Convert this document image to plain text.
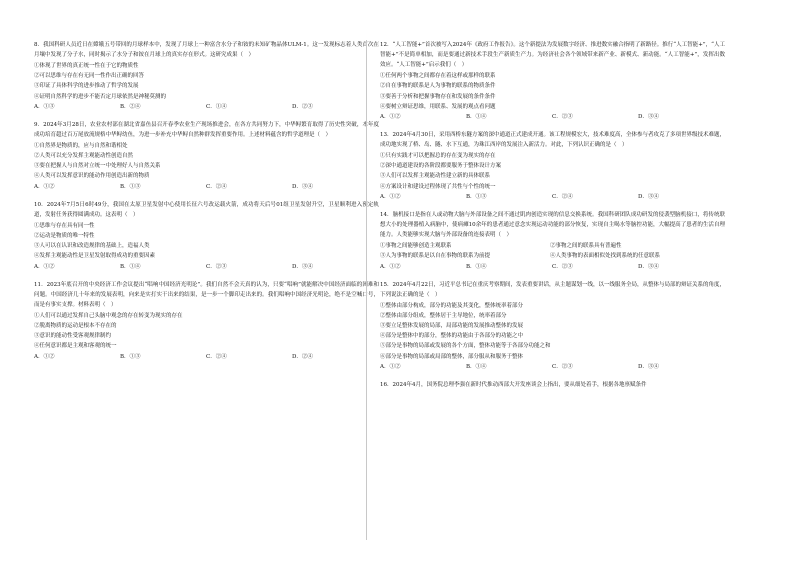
8．我国科研人员近日在嫦娥五号带回的月球样本中，发现了月球上一种富含水分子和铵的未知矿物晶体ULM-1。这一发现标志着人类首次在月壤中发现了分子水，同时揭示了水分子和铵在月球上的真实存在形式。这研究成果（　）
①体现了世界的真正统一性在于它的物质性
②可以思维与存在有无同一性作出正确的回答
③印证了具体科学的进步推动了哲学的发展
④证明自然科学的进步不能否定月球依然是神秘莫测的
A．①③	B．②④	C．①④	D．②③
9．2024年3月28日，农业农村部在湖北省嘉鱼县召开春季农业生产现场推进会，在各方共同努力下，中华鲟繁育取得了历史性突破，本年度成功培育超过百万尾放流规格中华鲟幼鱼，为进一步补充中华鲟自然种群发挥重要作用。上述材料蕴含的哲学道理是（　）
①自然界是物质的，应与自然和谐相处
②人类可以充分发挥主观能动性创造自然
③要在把握人与自然对立统一中处理好人与自然关系
④人类可以发挥意识的能动作用创造出新的物质
A．①②	B．①③	C．②④	D．③④
10．2024年7月5日6时49分，我国在太原卫星发射中心使用长征六号改运载火箭，成功将天后号01组卫星发射升空，卫星顺利进入预定轨道，发射任务获得圆满成功。这表明（　）
①思维与存在具有同一性
②运动是物质的唯一特性
③人可以在认识和改造规律的基础上，造福人类
④发挥主观能动性是卫星发射取得成功的重要因素
A．①②	B．①④	C．②③	D．③④
11．2023年底召开的中央经济工作会议提出“唱响中国经济光明论”。我们自然不会天真的认为，只要“唱响”就能解决中国经济面临的困难和问题。中国经济几十年来的发展表明，向来是实打实干出来的结果，是一步一个脚印走出来的。我们唱响中国经济光明论，绝不是空喊口号，而是有事实支撑。材料表明（　）
①人们可以通过发挥自己头脑中观念的存在转变为现实的存在
②脱离物质的运动是根本不存在的
③意识的能动性受客观规律制约
④任何意识都是主观和客观的统一
A．①②	B．①③	C．②④	D．②④
12．“人工智能+”首次被写入2024年《政府工作报告》。这个新提法为发展数字经济、推进数实融合指明了新路径。推行“人工智能+”，“人工智能+”不是简单相加，而是要通过新技术手段生产新质生产力。为经济社会各个领域带来新产业、新模式、新动能。“人工智能+”，发挥出数效应。“人工智能+”启示我们（　）
①任何两个事物之间都存在着这样或那样的联系
②自在事物的联系是人为事物的联系的物质条件
③要善于分析和把握事物存在和发展的条件条件
④要树立辩证思维，用联系、发展的观点看问题
A．①②	B．①④	C．②③	D．③④
13．2024年4月30日，采用西桥东隧方案的深中通道正式建成开通。该工程规模宏大，技术难度高，全体参与者攻克了多项世界级技术难题，成功地实现了桥、岛、隧、水下互通，为珠江西岸的发展注入新活力。对此，下列认识正确的是（　）
①只有实践才可以把握总的存在变为现实的存在
②深中通道建设的各阶段都要服务于整体设计方案
③人们可以发挥主观能动性建立新的具体联系
④方案设计和建设过程体现了共性与个性的统一
A．①②	B．①③	C．②④	D．③④
14．脑机接口是指在人或动物大脑与外部设备之间不通过肌肉创造实现的信息交换系统。我国科研团队成功研发的侵袭型脑机接口，将传统联想大小的处理器植入病脑中，使病瘫10余年的患者通过意念实现运动功能的部分恢复，实现自主喝水等脑控功能，大幅提高了患者的生活自理能力。人类能够实现大脑与外部设备的连接表明（　）
①事物之间能够创造主观联系	②事物之间的联系具有普遍性
③人为事物的联系是以自在事物的联系为前提	④人类事物的表面相似处找到系统的任意联系
A．①②	B．①④	C．②③	D．③④
15．2024年4月22日，习近平总书记在重庆考察期间，发表重要讲话，从主题谋划一线，以一线服务全局，从整体与局部的辩证关系的角度，下列说法正确的是（　）
①整体由部分构成，部分的功能及其变化，整体统率着部分
②整体由部分组成，整体居于主导地位，统率着部分
③要立足整体发展的局部，局部功能的发展推动整体的发展
④部分是整体中的部分，整体的功能由于各部分的功能之中
⑤部分是事物的局部或发展的各个方面，整体功能等于各部分功能之和
⑥部分是事物的局部或局部的整体，部分服从和服务于整体
A．①②	B．①④	C．②③	D．③④
16．2024年4月，国务院总理李强在新时代推动西部大开发座谈会上指出，要从细处着手，根据各地禀赋条件
